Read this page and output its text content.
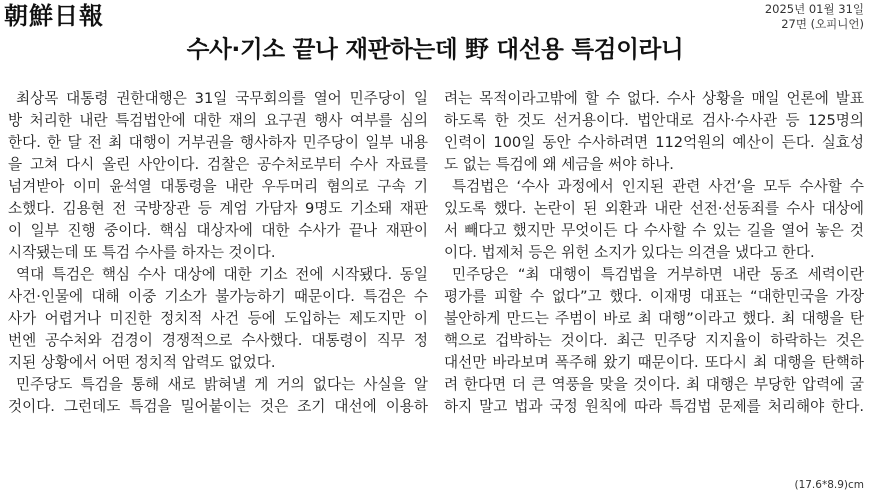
朝鮮日報	2025년 01월 31일
27면 (오피니언)
수사·기소 끝나 재판하는데 野 대선용 특검이라니
최상목 대통령 권한대행은 31일 국무회의를 열어 민주당이 일
방 처리한 내란 특검법안에 대한 재의 요구권 행사 여부를 심의
한다. 한 달 전 최 대행이 거부권을 행사하자 민주당이 일부 내용
을 고쳐 다시 올린 사안이다. 검찰은 공수처로부터 수사 자료를
넘겨받아 이미 윤석열 대통령을 내란 우두머리 혐의로 구속 기
소했다. 김용현 전 국방장관 등 계엄 가담자 9명도 기소돼 재판
이 일부 진행 중이다. 핵심 대상자에 대한 수사가 끝나 재판이
시작됐는데 또 특검 수사를 하자는 것이다.
역대 특검은 핵심 수사 대상에 대한 기소 전에 시작됐다. 동일
사건·인물에 대해 이중 기소가 불가능하기 때문이다. 특검은 수
사가 어렵거나 미진한 정치적 사건 등에 도입하는 제도지만 이
번엔 공수처와 검경이 경쟁적으로 수사했다. 대통령이 직무 정
지된 상황에서 어떤 정치적 압력도 없었다.
민주당도 특검을 통해 새로 밝혀낼 게 거의 없다는 사실을 알
것이다. 그런데도 특검을 밀어붙이는 것은 조기 대선에 이용하
려는 목적이라고밖에 할 수 없다. 수사 상황을 매일 언론에 발표
하도록 한 것도 선거용이다. 법안대로 검사·수사관 등 125명의
인력이 100일 동안 수사하려면 112억원의 예산이 든다. 실효성
도 없는 특검에 왜 세금을 써야 하나.
특검법은 ‘수사 과정에서 인지된 관련 사건’을 모두 수사할 수
있도록 했다. 논란이 된 외환과 내란 선전·선동죄를 수사 대상에
서 빼다고 했지만 무엇이든 다 수사할 수 있는 길을 열어 놓은 것
이다. 법제처 등은 위헌 소지가 있다는 의견을 냈다고 한다.
민주당은 “최 대행이 특검법을 거부하면 내란 동조 세력이란
평가를 피할 수 없다”고 했다. 이재명 대표는 “대한민국을 가장
불안하게 만드는 주범이 바로 최 대행”이라고 했다. 최 대행을 탄
핵으로 겁박하는 것이다. 최근 민주당 지지율이 하락하는 것은
대선만 바라보며 폭주해 왔기 때문이다. 또다시 최 대행을 탄핵하
려 한다면 더 큰 역풍을 맞을 것이다. 최 대행은 부당한 압력에 굴
하지 말고 법과 국정 원칙에 따라 특검법 문제를 처리해야 한다.
(17.6*8.9)cm
